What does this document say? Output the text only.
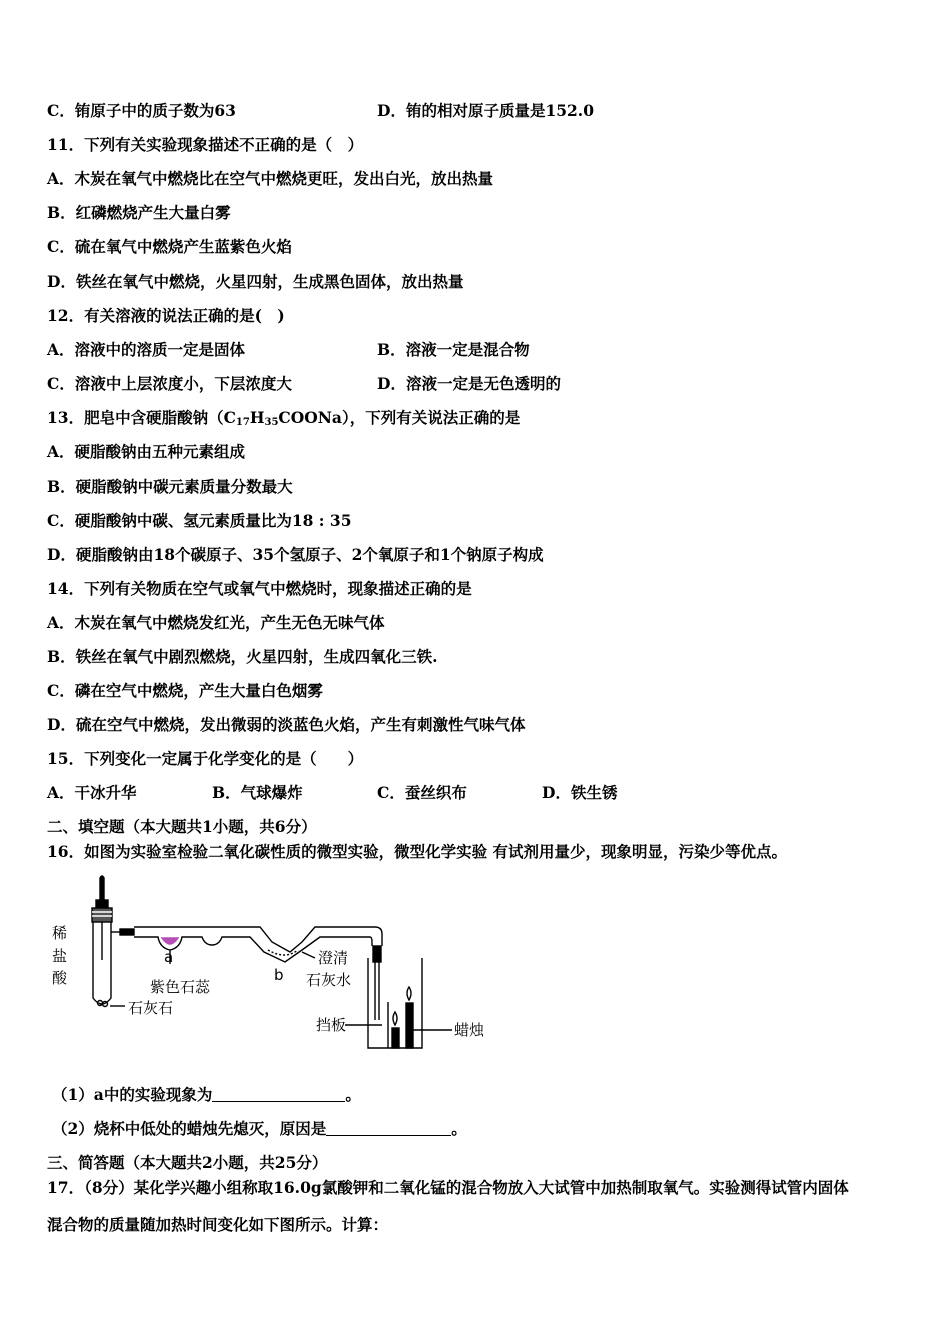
C．铕原子中的质子数为63	D．铕的相对原子质量是152.0
11．下列有关实验现象描述不正确的是（　）
A．木炭在氧气中燃烧比在空气中燃烧更旺，发出白光，放出热量
B．红磷燃烧产生大量白雾
C．硫在氧气中燃烧产生蓝紫色火焰
D．铁丝在氧气中燃烧，火星四射，生成黑色固体，放出热量
12．有关溶液的说法正确的是(　)
A．溶液中的溶质一定是固体	B．溶液一定是混合物
C．溶液中上层浓度小，下层浓度大	D．溶液一定是无色透明的
13．肥皂中含硬脂酸钠$(C_{17}H_{35}COONa)$，下列有关说法正确的是
A．硬脂酸钠由五种元素组成
B．硬脂酸钠中碳元素质量分数最大
C．硬脂酸钠中碳、氢元素质量比为18 : 35
D．硬脂酸钠由18个碳原子、35个氢原子、2个氧原子和1个钠原子构成
14．下列有关物质在空气或氧气中燃烧时，现象描述正确的是
A．木炭在氧气中燃烧发红光，产生无色无味气体
B．铁丝在氧气中剧烈燃烧，火星四射，生成四氧化三铁.
C．磷在空气中燃烧，产生大量白色烟雾
D．硫在空气中燃烧，发出微弱的淡蓝色火焰，产生有刺激性气味气体
15．下列变化一定属于化学变化的是（　　）
A．干冰升华	B．气球爆炸	C．蚕丝织布	D．铁生锈
二、填空题（本大题共1小题，共6分）
16．如图为实验室检验二氧化碳性质的微型实验，微型化学实验 有试剂用量少，现象明显，污染少等优点。
稀
盐
酸
a
紫色石蕊
b
澄清
石灰水
石灰石
挡板	蜡烛
（1）a中的实验现象为	。
（2）烧杯中低处的蜡烛先熄灭，原因是	。
三、简答题（本大题共2小题，共25分）
17．（8分）某化学兴趣小组称取16.0g氯酸钾和二氧化锰的混合物放入大试管中加热制取氧气。实验测得试管内固体
混合物的质量随加热时间变化如下图所示。计算：
